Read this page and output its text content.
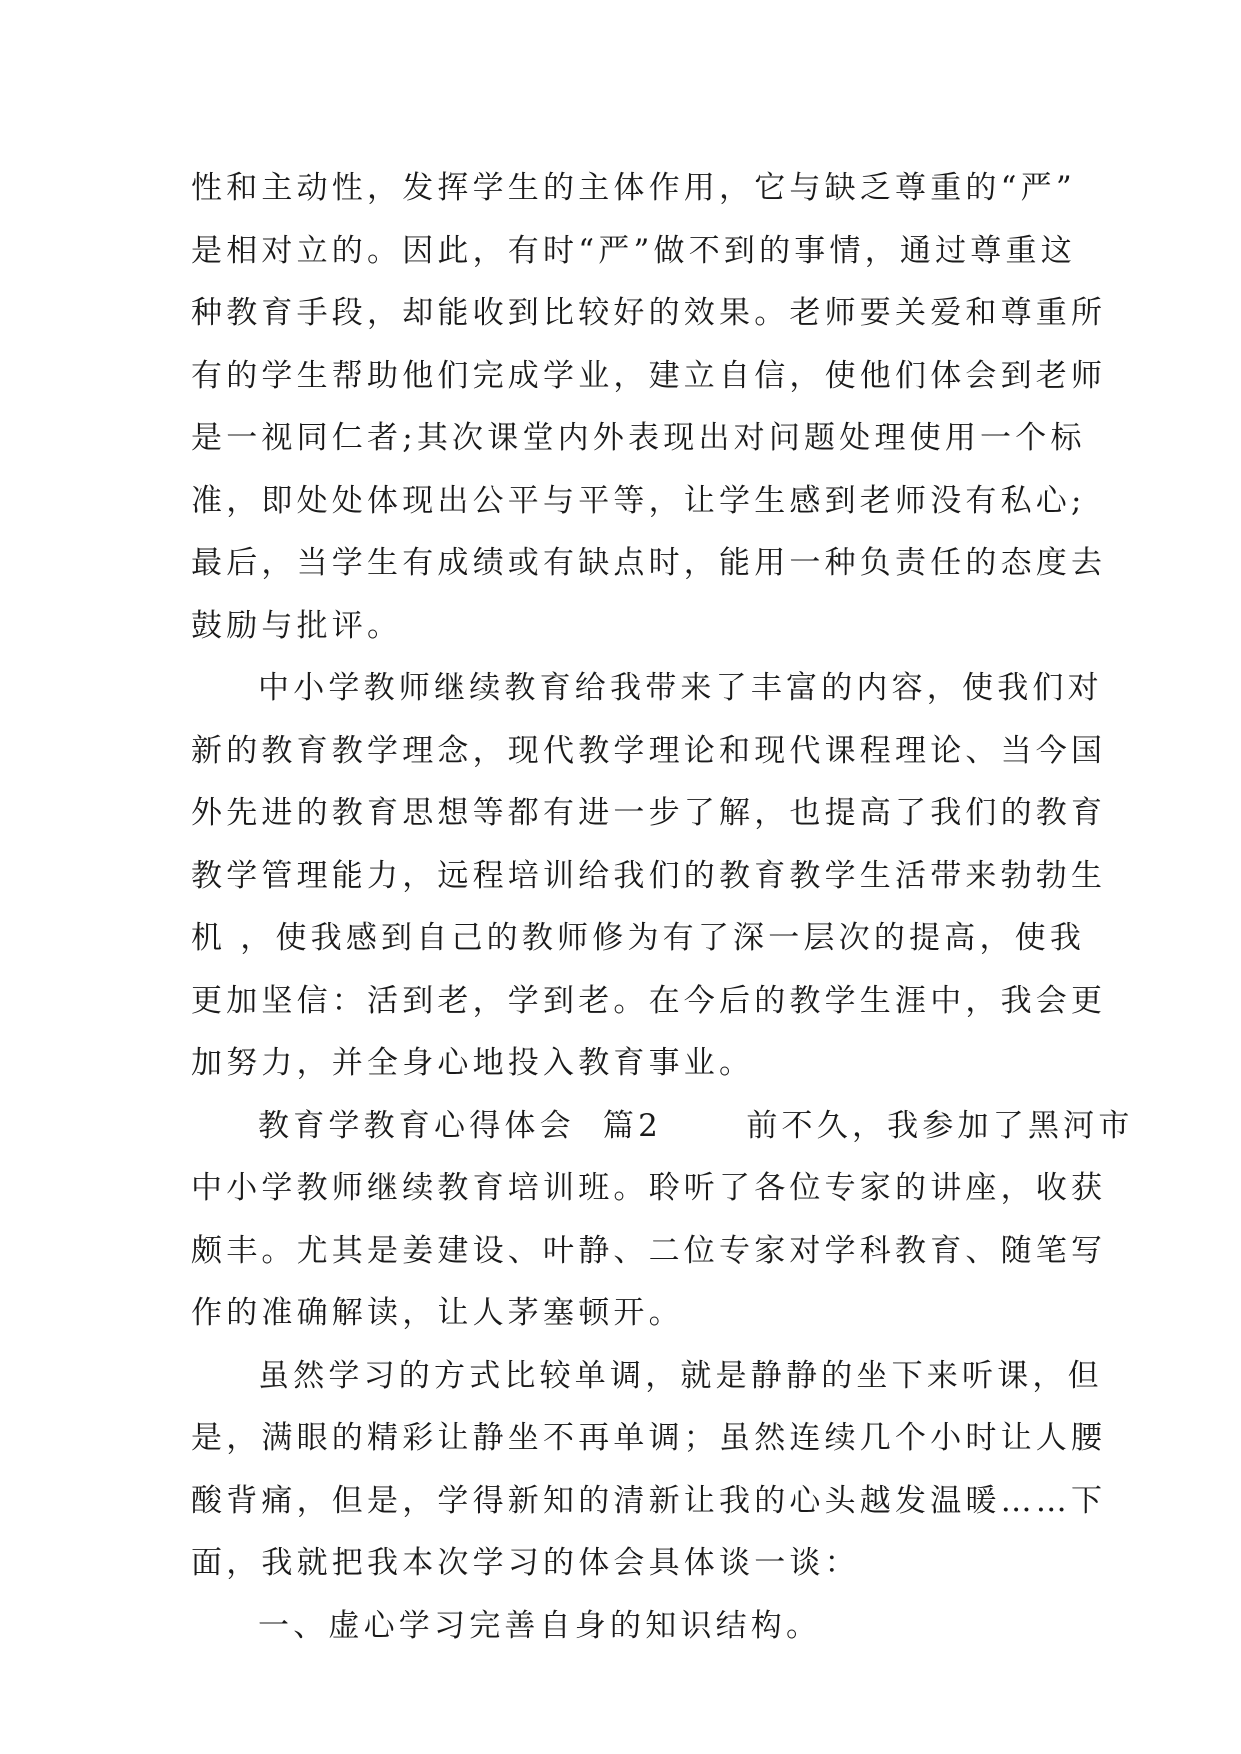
性和主动性，发挥学生的主体作用，它与缺乏尊重的“严”
是相对立的。因此，有时“严”做不到的事情，通过尊重这
种教育手段，却能收到比较好的效果。老师要关爱和尊重所
有的学生帮助他们完成学业，建立自信，使他们体会到老师
是一视同仁者;其次课堂内外表现出对问题处理使用一个标
准，即处处体现出公平与平等，让学生感到老师没有私心;
最后，当学生有成绩或有缺点时，能用一种负责任的态度去
鼓励与批评。
中小学教师继续教育给我带来了丰富的内容，使我们对
新的教育教学理念，现代教学理论和现代课程理论、当今国
外先进的教育思想等都有进一步了解，也提高了我们的教育
教学管理能力，远程培训给我们的教育教学生活带来勃勃生
机 ，使我感到自己的教师修为有了深一层次的提高，使我
更加坚信：活到老，学到老。在今后的教学生涯中，我会更
加努力，并全身心地投入教育事业。
教育学教育心得体会  篇2      前不久，我参加了黑河市
中小学教师继续教育培训班。聆听了各位专家的讲座，收获
颇丰。尤其是姜建设、叶静、二位专家对学科教育、随笔写
作的准确解读，让人茅塞顿开。
虽然学习的方式比较单调，就是静静的坐下来听课，但
是，满眼的精彩让静坐不再单调；虽然连续几个小时让人腰
酸背痛，但是，学得新知的清新让我的心头越发温暖……下
面，我就把我本次学习的体会具体谈一谈：
一、虚心学习完善自身的知识结构。
